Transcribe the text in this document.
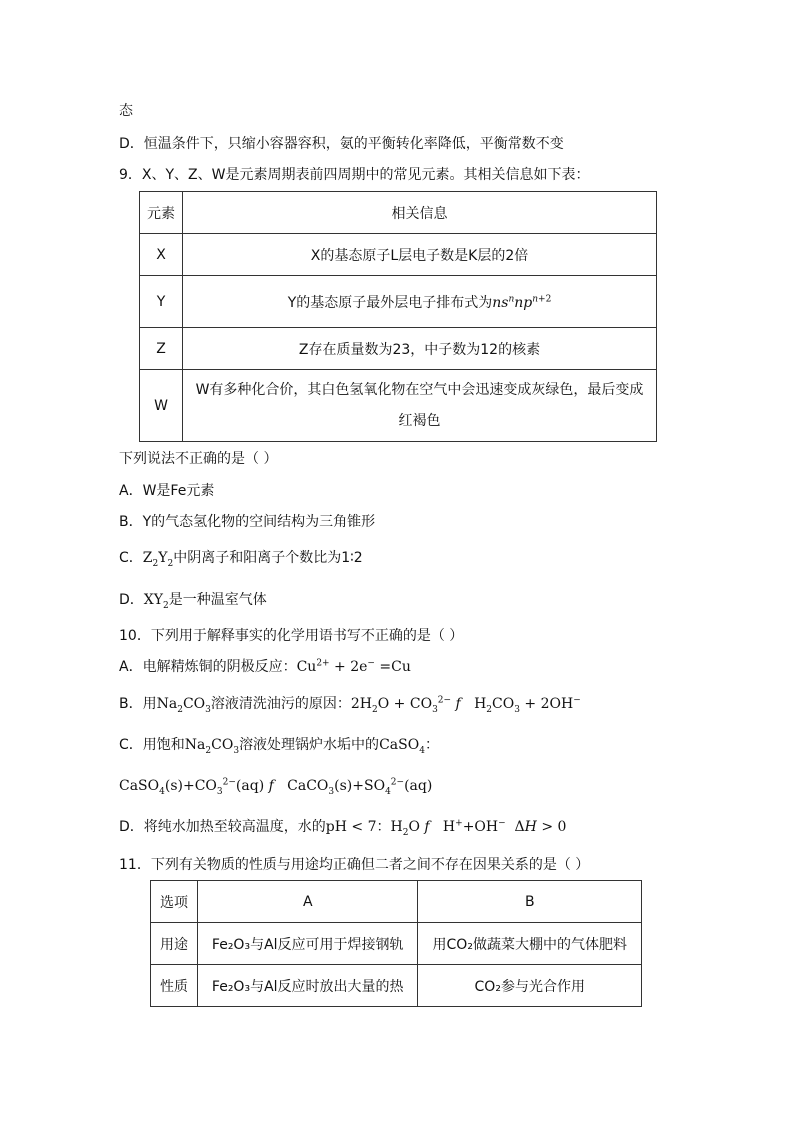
态
D．恒温条件下，只缩小容器容积，氨的平衡转化率降低，平衡常数不变
9．X、Y、Z、W是元素周期表前四周期中的常见元素。其相关信息如下表：
元素	相关信息
X	X的基态原子L层电子数是K层的2倍
Y	Y的基态原子最外层电子排布式为$ns^nnp^{n+2}$
Z	Z存在质量数为23，中子数为12的核素
W	W有多种化合价，其白色氢氧化物在空气中会迅速变成灰绿色，最后变成红褐色
下列说法不正确的是（ ）
A．W是Fe元素
B．Y的气态氢化物的空间结构为三角锥形
C．$Z_2Y_2$中阴离子和阳离子个数比为1∶2
D．$XY_2$是一种温室气体
10．下列用于解释事实的化学用语书写不正确的是（ ）
A．电解精炼铜的阴极反应：$Cu^{2+} + 2e^- =Cu$
B．用$Na_2CO_3$溶液清洗油污的原因：$2H_2O + CO_3^{2-}$ f   $H_2CO_3 + 2OH^-$
C．用饱和$Na_2CO_3$溶液处理锅炉水垢中的CaSO$_4$：
$CaSO_4(s)+CO_3^{2-}(aq)$ f   $CaCO_3(s)+SO_4^{2-}(aq)$
D．将纯水加热至较高温度，水的pH < 7：$H_2O$ f   H++OH−  ΔH > 0
11．下列有关物质的性质与用途均正确但二者之间不存在因果关系的是（ ）
选项	A	B
用途	Fe₂O₃与Al反应可用于焊接钢轨	用CO₂做蔬菜大棚中的气体肥料
性质	Fe₂O₃与Al反应时放出大量的热	CO₂参与光合作用
